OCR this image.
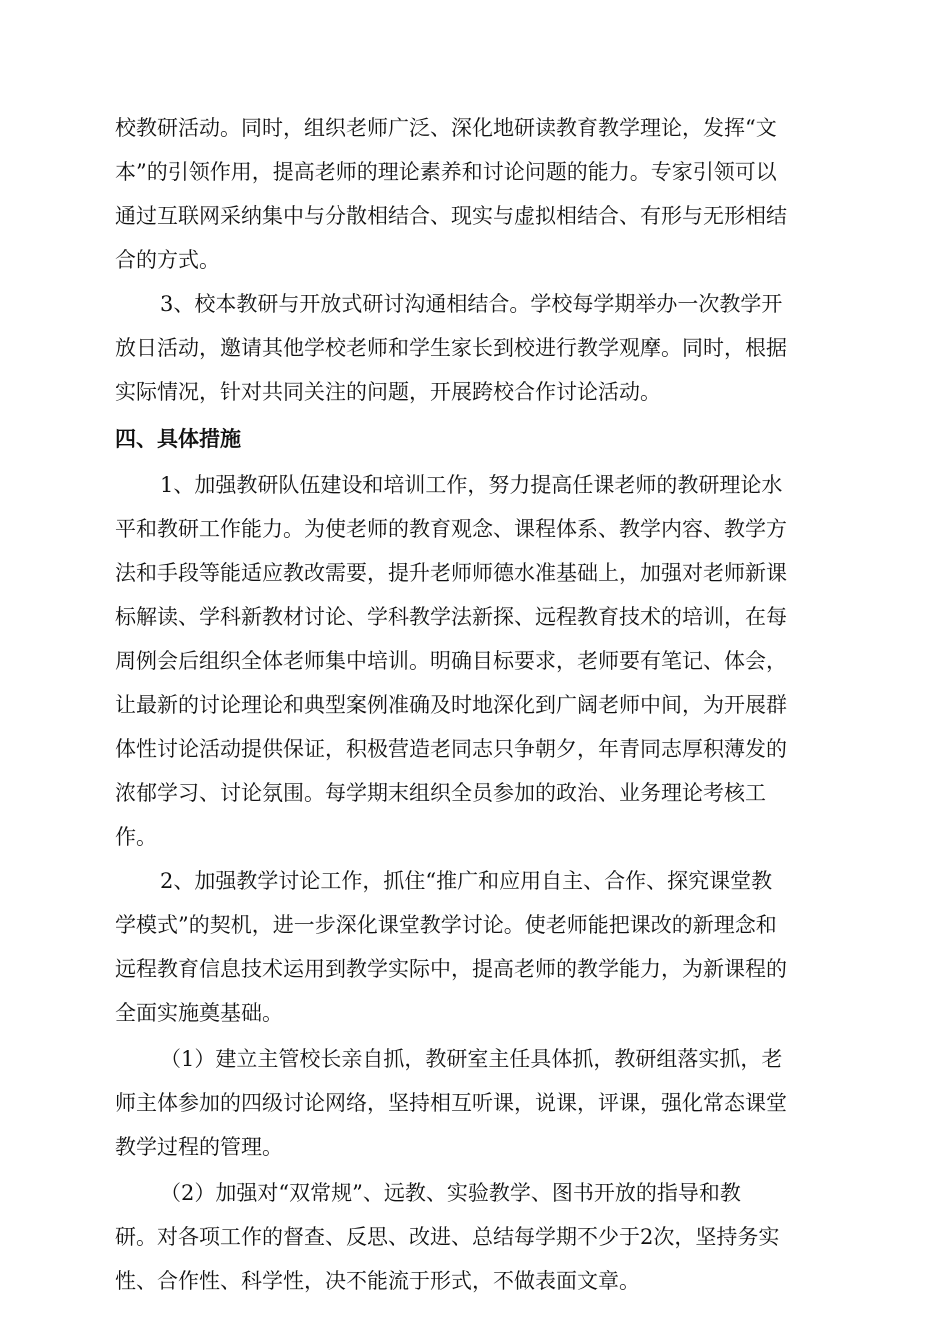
校教研活动。同时，组织老师广泛、深化地研读教育教学理论，发挥“文
本”的引领作用，提高老师的理论素养和讨论问题的能力。专家引领可以
通过互联网采纳集中与分散相结合、现实与虚拟相结合、有形与无形相结
合的方式。
3、校本教研与开放式研讨沟通相结合。学校每学期举办一次教学开
放日活动，邀请其他学校老师和学生家长到校进行教学观摩。同时，根据
实际情况，针对共同关注的问题，开展跨校合作讨论活动。
四、具体措施
1、加强教研队伍建设和培训工作，努力提高任课老师的教研理论水
平和教研工作能力。为使老师的教育观念、课程体系、教学内容、教学方
法和手段等能适应教改需要，提升老师师德水准基础上，加强对老师新课
标解读、学科新教材讨论、学科教学法新探、远程教育技术的培训，在每
周例会后组织全体老师集中培训。明确目标要求，老师要有笔记、体会，
让最新的讨论理论和典型案例准确及时地深化到广阔老师中间，为开展群
体性讨论活动提供保证，积极营造老同志只争朝夕，年青同志厚积薄发的
浓郁学习、讨论氛围。每学期末组织全员参加的政治、业务理论考核工
作。
2、加强教学讨论工作，抓住“推广和应用自主、合作、探究课堂教
学模式”的契机，进一步深化课堂教学讨论。使老师能把课改的新理念和
远程教育信息技术运用到教学实际中，提高老师的教学能力，为新课程的
全面实施奠基础。
（1）建立主管校长亲自抓，教研室主任具体抓，教研组落实抓，老
师主体参加的四级讨论网络，坚持相互听课，说课，评课，强化常态课堂
教学过程的管理。
（2）加强对“双常规”、远教、实验教学、图书开放的指导和教
研。对各项工作的督查、反思、改进、总结每学期不少于2次，坚持务实
性、合作性、科学性，决不能流于形式，不做表面文章。
